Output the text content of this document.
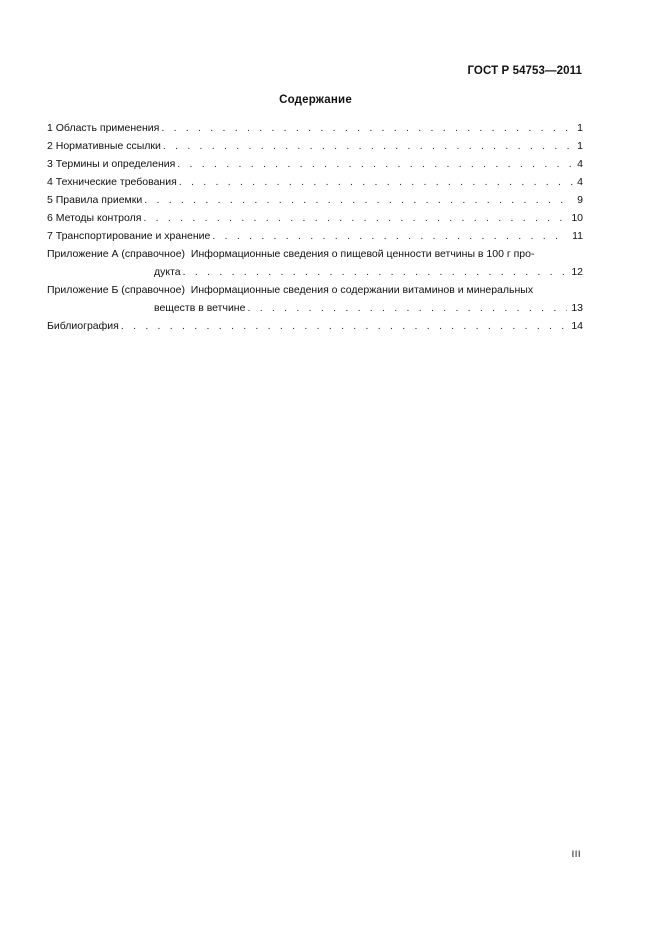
ГОСТ Р 54753—2011
Содержание
1 Область применения . . .	1
2 Нормативные ссылки . . .	1
3 Термины и определения . . .	4
4 Технические требования . . .	4
5 Правила приемки . . .	9
6 Методы контроля . . .	10
7 Транспортирование и хранение . . .	11
Приложение А (справочное) Информационные сведения о пищевой ценности ветчины в 100 г про-
дукта . . .	12
Приложение Б (справочное) Информационные сведения о содержании витаминов и минеральных
веществ в ветчине . . .	13
Библиография . . .	14
III
